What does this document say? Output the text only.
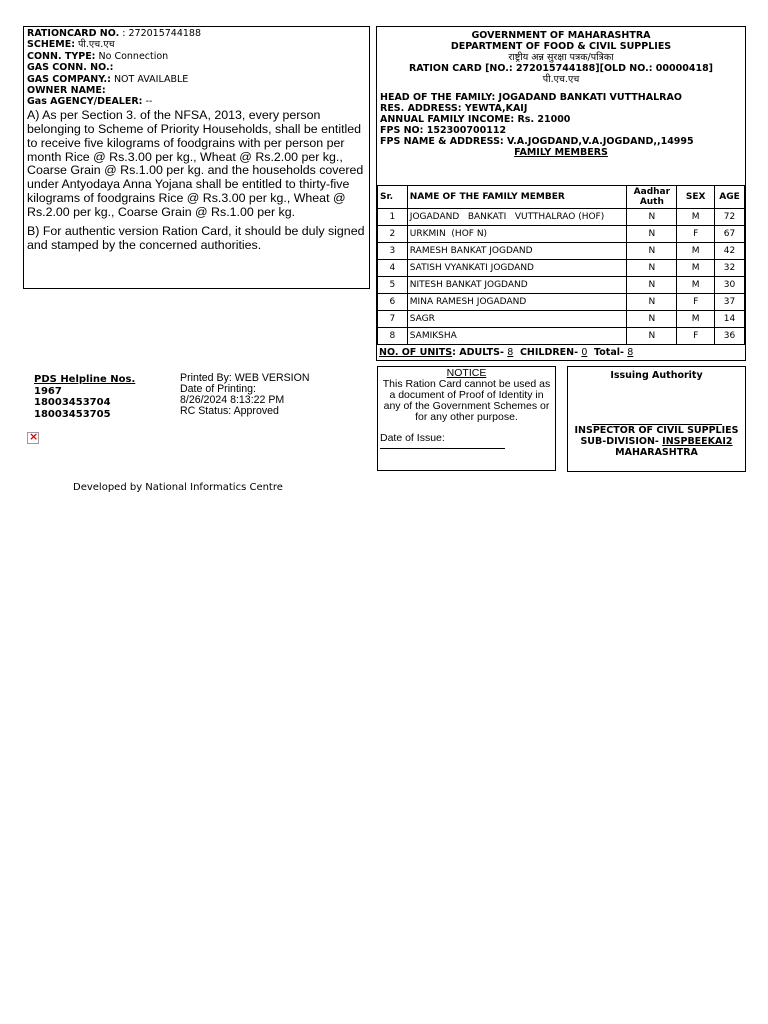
RATIONCARD NO. : 272015744188
SCHEME: पी.एच.एच
CONN. TYPE: No Connection
GAS CONN. NO.:
GAS COMPANY.: NOT AVAILABLE
OWNER NAME:
Gas AGENCY/DEALER: --
A) As per Section 3. of the NFSA, 2013, every person belonging to Scheme of Priority Households, shall be entitled to receive five kilograms of foodgrains with per person per month Rice @ Rs.3.00 per kg., Wheat @ Rs.2.00 per kg., Coarse Grain @ Rs.1.00 per kg. and the households covered under Antyodaya Anna Yojana shall be entitled to thirty-five kilograms of foodgrains Rice @ Rs.3.00 per kg., Wheat @ Rs.2.00 per kg., Coarse Grain @ Rs.1.00 per kg.
B) For authentic version Ration Card, it should be duly signed and stamped by the concerned authorities.
GOVERNMENT OF MAHARASHTRA
DEPARTMENT OF FOOD & CIVIL SUPPLIES
राष्ट्रीय अन्न सुरक्षा पत्रक/पत्रिका
RATION CARD [NO.: 272015744188][OLD NO.: 00000418]
पी.एच.एच
HEAD OF THE FAMILY: JOGADAND BANKATI VUTTHALRAO
RES. ADDRESS: YEWTA,KAIJ
ANNUAL FAMILY INCOME: Rs. 21000
FPS NO: 152300700112
FPS NAME & ADDRESS: V.A.JOGDAND,V.A.JOGDAND,,14995
FAMILY MEMBERS
Sr.	NAME OF THE FAMILY MEMBER	Aadhar Auth	SEX	AGE
1	JOGADAND   BANKATI   VUTTHALRAO (HOF)	N	M	72
2	URKMIN  (HOF N)	N	F	67
3	RAMESH BANKAT JOGDAND	N	M	42
4	SATISH VYANKATI JOGDAND	N	M	32
5	NITESH BANKAT JOGDAND	N	M	30
6	MINA RAMESH JOGADAND	N	F	37
7	SAGR	N	M	14
8	SAMIKSHA	N	F	36
NO. OF UNITS: ADULTS- 8 CHILDREN- 0 Total- 8
PDS Helpline Nos.
1967
18003453704
18003453705
Printed By: WEB VERSION
Date of Printing:
8/26/2024 8:13:22 PM
RC Status: Approved
×
NOTICE
This Ration Card cannot be used as a document of Proof of Identity in any of the Government Schemes or for any other purpose.
Date of Issue:
Issuing Authority
INSPECTOR OF CIVIL SUPPLIES
SUB-DIVISION- INSPBEEKAI2
MAHARASHTRA
Developed by National Informatics Centre
